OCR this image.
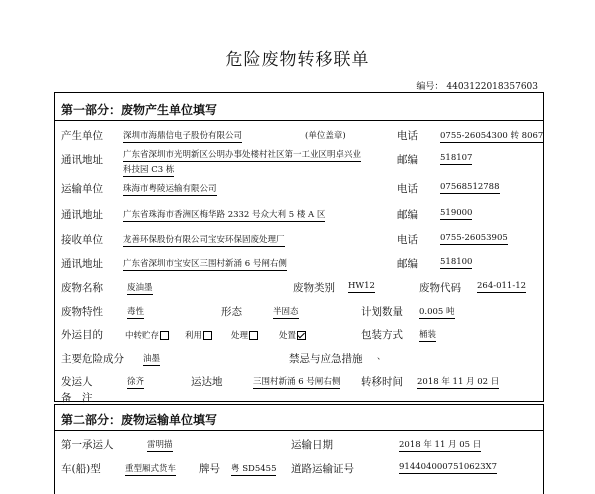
危险废物转移联单
编号： 4403122018357603
第一部分：废物产生单位填写
产生单位 深圳市海鼎信电子股份有限公司	(单位盖章)	电话	0755-26054300 转 8067
通讯地址 广东省深圳市光明新区公明办事处楼村社区第一工业区明卓兴业
科技园 C3 栋
邮编	518107
运输单位 珠海市粤陵运输有限公司	电话	07568512788
通讯地址 广东省珠海市香洲区梅华路 2332 号众大利 5 楼 A 区	邮编	519000
接收单位 龙善环保股份有限公司宝安环保固废处理厂	电话	0755-26053905
通讯地址 广东省深圳市宝安区三围村新涌 6 号闸右侧	邮编	518100
废物名称	废油墨	废物类别 HW12	废物代码 264-011-12
废物特性	毒性	形态	半固态	计划数量 0.005 吨
外运目的	中转贮存	利用	处理	处置	包装方式 桶装
主要危险成分 油墨	禁忌与应急措施 、
发运人	徐齐	运达地	三围村新涌 6 号闸右侧 转移时间 2018 年 11 月 02 日
备　注
第二部分：废物运输单位填写
第一承运人	雷明描	运输日期	2018 年 11 月 05 日
车(船)型	重型厢式货车 牌号 粤 SD5455 道路运输证号	914404000751062​3X7
